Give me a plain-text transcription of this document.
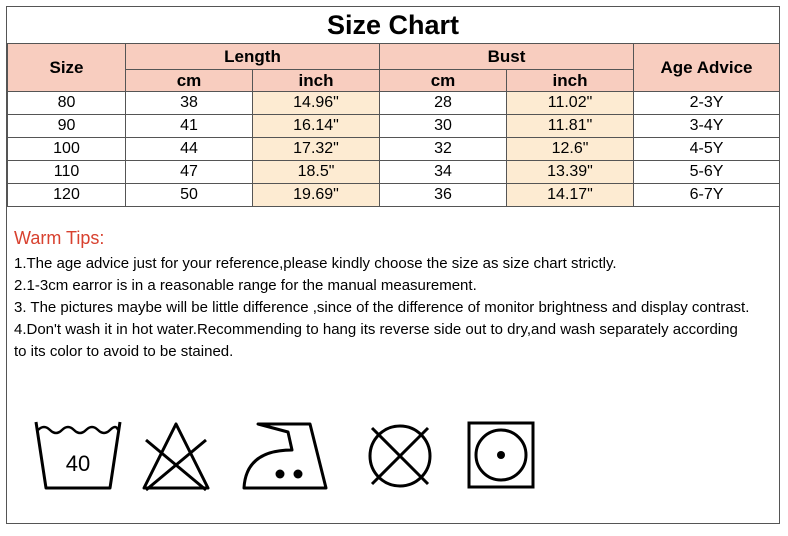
Size Chart
Size	Length		Bust		Age Advice
	cm	inch	cm	inch	
80	38	14.96"	28	11.02"	2-3Y
90	41	16.14"	30	11.81"	3-4Y
100	44	17.32"	32	12.6"	4-5Y
110	47	18.5"	34	13.39"	5-6Y
120	50	19.69"	36	14.17"	6-7Y
Warm Tips:
1.The age advice just for your reference,please kindly choose the size as size chart strictly.
2.1-3cm earror is in a reasonable range for the manual measurement.
3. The pictures maybe will be little difference ,since of the difference of monitor brightness and display contrast.
4.Don't wash it in hot water.Recommending to hang its reverse side out to dry,and wash separately according to its color to avoid to be stained.
40
